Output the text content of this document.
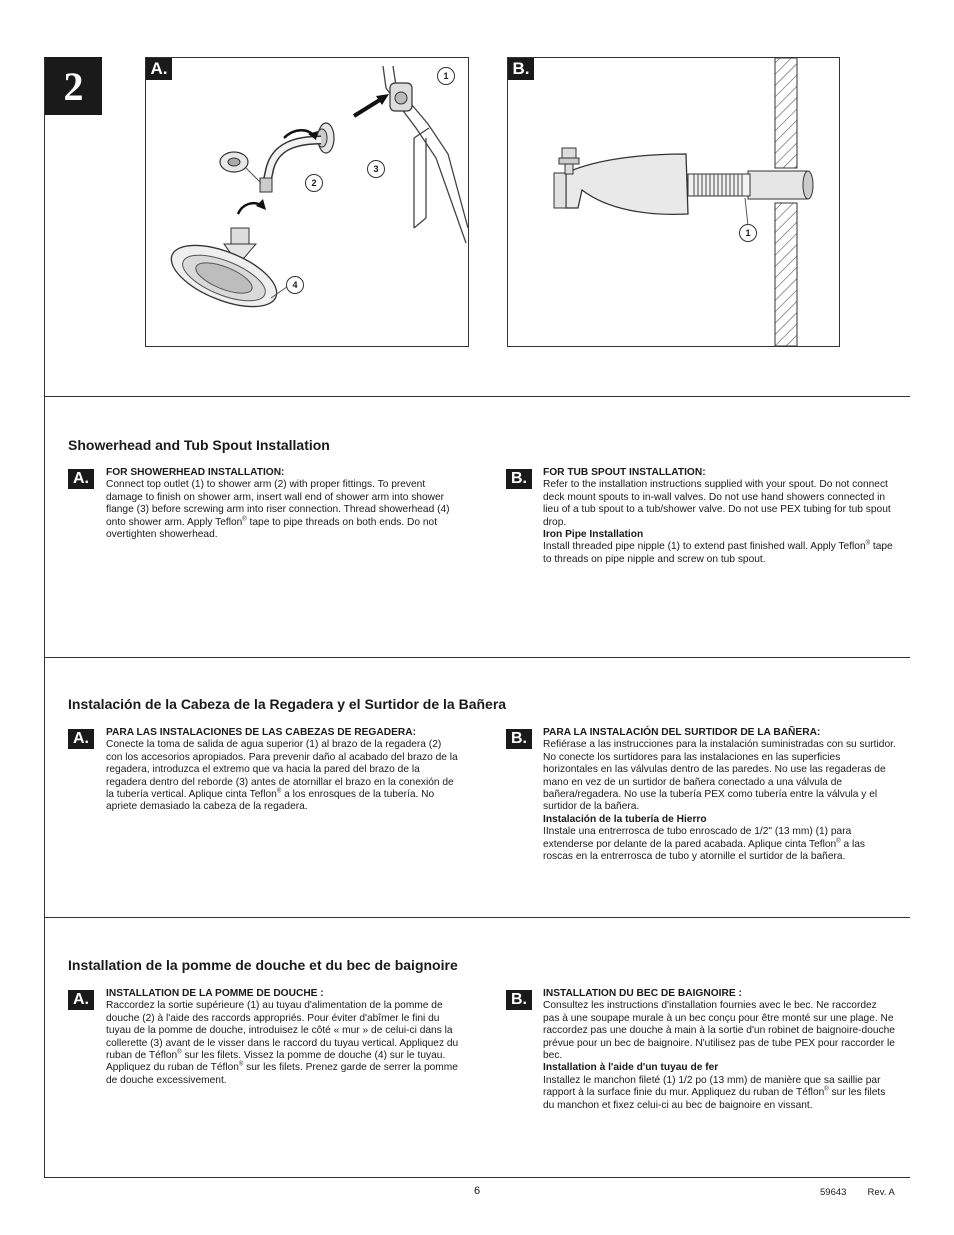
2	A.	1
2
3
4
B.
1
Showerhead and Tub Spout Installation
A.	FOR SHOWERHEAD INSTALLATION:

Connect top outlet (1) to shower arm (2) with proper fittings. To prevent damage to finish on shower arm, insert wall end of shower arm into shower flange (3) before screwing arm into riser connection. Thread showerhead (4) onto shower arm. Apply Teflon® tape to pipe threads on both ends. Do not overtighten showerhead.

B.	FOR TUB SPOUT INSTALLATION:

Refer to the installation instructions supplied with your spout. Do not connect deck mount spouts to in-wall valves. Do not use hand showers connected in lieu of a tub spout to a tub/shower valve. Do not use PEX tubing for tub spout drop.

Iron Pipe Installation

Install threaded pipe nipple (1) to extend past finished wall. Apply Teflon® tape to threads on pipe nipple and screw on tub spout.

Instalación de la Cabeza de la Regadera y el Surtidor de la Bañera
A.	PARA LAS INSTALACIONES DE LAS CABEZAS DE REGADERA:

Conecte la toma de salida de agua superior (1) al brazo de la regadera (2) con los accesorios apropiados. Para prevenir daño al acabado del brazo de la regadera, introduzca el extremo que va hacia la pared del brazo de la regadera dentro del reborde (3) antes de atornillar el brazo en la conexión de la tubería vertical. Aplique cinta Teflon® a los enrosques de la tubería. No apriete demasiado la cabeza de la regadera.

B.	PARA LA INSTALACIÓN DEL SURTIDOR DE LA BAÑERA:

Refiérase a las instrucciones para la instalación suministradas con su surtidor. No conecte los surtidores para las instalaciones en las superficies horizontales en las válvulas dentro de las paredes. No use las regaderas de mano en vez de un surtidor de bañera conectado a una válvula de bañera/regadera. No use la tubería PEX como tubería entre la válvula y el surtidor de la bañera.

Instalación de la tubería de Hierro

IInstale una entrerrosca de tubo enroscado de 1/2" (13 mm) (1) para extenderse por delante de la pared acabada. Aplique cinta Teflon® a las roscas en la entrerrosca de tubo y atornille el surtidor de la bañera.

Installation de la pomme de douche et du bec de baignoire
A.	INSTALLATION DE LA POMME DE DOUCHE :

Raccordez la sortie supérieure (1) au tuyau d'alimentation de la pomme de douche (2) à l'aide des raccords appropriés. Pour éviter d'abîmer le fini du tuyau de la pomme de douche, introduisez le côté « mur » de celui-ci dans la collerette (3) avant de le visser dans le raccord du tuyau vertical. Appliquez du ruban de Téflon® sur les filets. Vissez la pomme de douche (4) sur le tuyau. Appliquez du ruban de Téflon® sur les filets. Prenez garde de serrer la pomme de douche excessivement.

B.	INSTALLATION DU BEC DE BAIGNOIRE :

Consultez les instructions d'installation fournies avec le bec. Ne raccordez pas à une soupape murale à un bec conçu pour être monté sur une plage. Ne raccordez pas une douche à main à la sortie d'un robinet de baignoire-douche prévue pour un bec de baignoire. N'utilisez pas de tube PEX pour raccorder le bec.

Installation à l'aide d'un tuyau de fer

Installez le manchon fileté (1) 1/2 po (13 mm) de manière que sa saillie par rapport à la surface finie du mur. Appliquez du ruban de Téflon® sur les filets du manchon et fixez celui-ci au bec de baignoire en vissant.

6	59643 Rev. A
